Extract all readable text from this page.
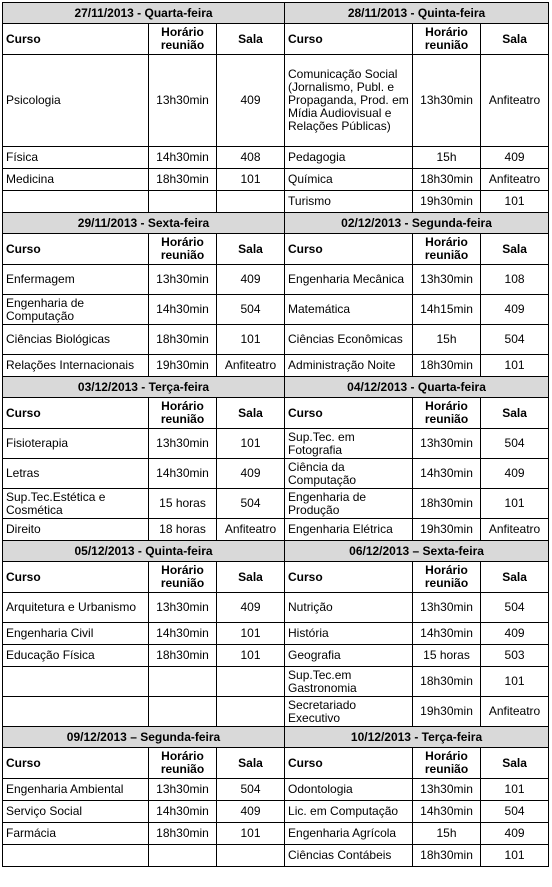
27/11/2013 - Quarta-feira			28/11/2013 - Quinta-feira		
Curso	Horário reunião	Sala	Curso	Horário reunião	Sala
Psicologia	13h30min	409	Comunicação Social (Jornalismo, Publ. e Propaganda, Prod. em Mídia Audiovisual e Relações Públicas)	13h30min	Anfiteatro
Física	14h30min	408	Pedagogia	15h	409
Medicina	18h30min	101	Química	18h30min	Anfiteatro
			Turismo	19h30min	101
29/11/2013 - Sexta-feira			02/12/2013 - Segunda-feira		
Curso	Horário reunião	Sala	Curso	Horário reunião	Sala
Enfermagem	13h30min	409	Engenharia Mecânica	13h30min	108
Engenharia de Computação	14h30min	504	Matemática	14h15min	409
Ciências Biológicas	18h30min	101	Ciências Econômicas	15h	504
Relações Internacionais	19h30min	Anfiteatro	Administração Noite	18h30min	101
03/12/2013 - Terça-feira			04/12/2013 - Quarta-feira		
Curso	Horário reunião	Sala	Curso	Horário reunião	Sala
Fisioterapia	13h30min	101	Sup.Tec. em Fotografia	13h30min	504
Letras	14h30min	409	Ciência da Computação	14h30min	409
Sup.Tec.Estética e Cosmética	15 horas	504	Engenharia de Produção	18h30min	101
Direito	18 horas	Anfiteatro	Engenharia Elétrica	19h30min	Anfiteatro
05/12/2013 - Quinta-feira			06/12/2013 – Sexta-feira		
Curso	Horário reunião	Sala	Curso	Horário reunião	Sala
Arquitetura e Urbanismo	13h30min	409	Nutrição	13h30min	504
Engenharia Civil	14h30min	101	História	14h30min	409
Educação Física	18h30min	101	Geografia	15 horas	503
			Sup.Tec.em Gastronomia	18h30min	101
			Secretariado Executivo	19h30min	Anfiteatro
09/12/2013 – Segunda-feira			10/12/2013 - Terça-feira		
Curso	Horário reunião	Sala	Curso	Horário reunião	Sala
Engenharia Ambiental	13h30min	504	Odontologia	13h30min	101
Serviço Social	14h30min	409	Lic. em Computação	14h30min	504
Farmácia	18h30min	101	Engenharia Agrícola	15h	409
			Ciências Contábeis	18h30min	101
